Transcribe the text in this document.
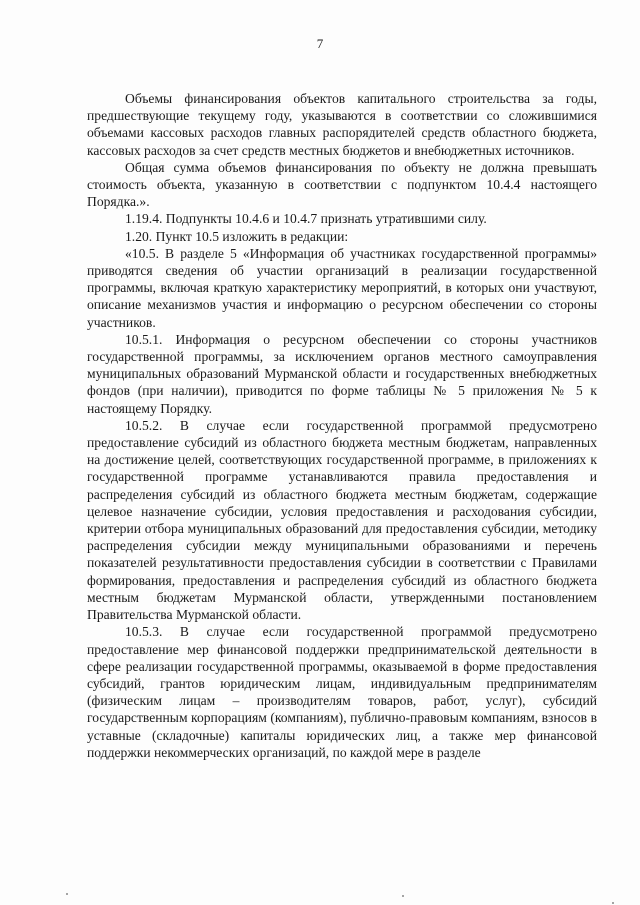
7

Объемы финансирования объектов капитального строительства за годы, предшествующие текущему году, указываются в соответствии со сложившимися объемами кассовых расходов главных распорядителей средств областного бюджета, кассовых расходов за счет средств местных бюджетов и внебюджетных источников.

Общая сумма объемов финансирования по объекту не должна превышать стоимость объекта, указанную в соответствии с подпунктом 10.4.4 настоящего Порядка.».

1.19.4. Подпункты 10.4.6 и 10.4.7 признать утратившими силу.

1.20. Пункт 10.5 изложить в редакции:

«10.5. В разделе 5 «Информация об участниках государственной программы» приводятся сведения об участии организаций в реализации государственной программы, включая краткую характеристику мероприятий, в которых они участвуют, описание механизмов участия и информацию о ресурсном обеспечении со стороны участников.

10.5.1. Информация о ресурсном обеспечении со стороны участников государственной программы, за исключением органов местного самоуправления муниципальных образований Мурманской области и государственных внебюджетных фондов (при наличии), приводится по форме таблицы № 5 приложения № 5 к настоящему Порядку.

10.5.2. В случае если государственной программой предусмотрено предоставление субсидий из областного бюджета местным бюджетам, направленных на достижение целей, соответствующих государственной программе, в приложениях к государственной программе устанавливаются правила предоставления и распределения субсидий из областного бюджета местным бюджетам, содержащие целевое назначение субсидии, условия предоставления и расходования субсидии, критерии отбора муниципальных образований для предоставления субсидии, методику распределения субсидии между муниципальными образованиями и перечень показателей результативности предоставления субсидии в соответствии с Правилами формирования, предоставления и распределения субсидий из областного бюджета местным бюджетам Мурманской области, утвержденными постановлением Правительства Мурманской области.

10.5.3. В случае если государственной программой предусмотрено предоставление мер финансовой поддержки предпринимательской деятельности в сфере реализации государственной программы, оказываемой в форме предоставления субсидий, грантов юридическим лицам, индивидуальным предпринимателям (физическим лицам – производителям товаров, работ, услуг), субсидий государственным корпорациям (компаниям), публично-правовым компаниям, взносов в уставные (складочные) капиталы юридических лиц, а также мер финансовой поддержки некоммерческих организаций, по каждой мере в разделе
